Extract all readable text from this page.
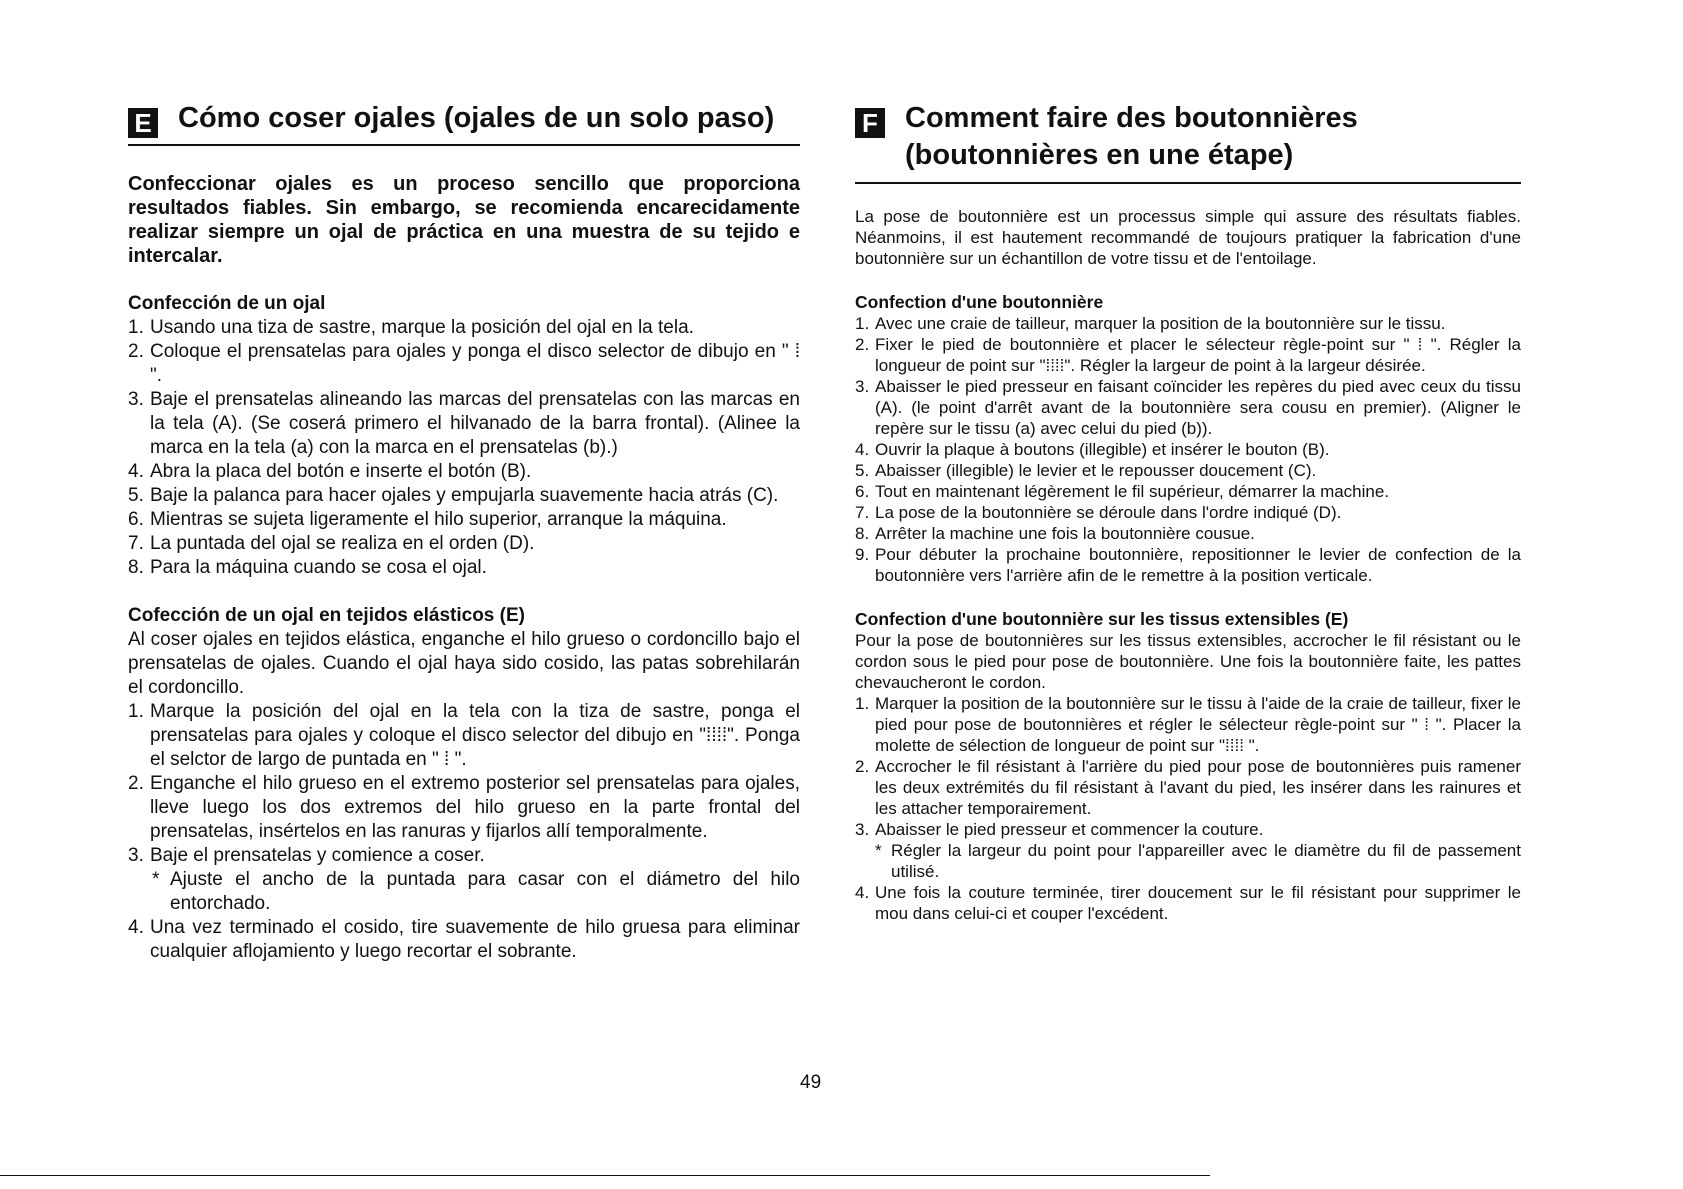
E Cómo coser ojales (ojales de un solo paso)
Confeccionar ojales es un proceso sencillo que proporciona resultados fiables. Sin embargo, se recomienda encarecidamente realizar siempre un ojal de práctica en una muestra de su tejido e intercalar.
Confección de un ojal
1. Usando una tiza de sastre, marque la posición del ojal en la tela.
2. Coloque el prensatelas para ojales y ponga el disco selector de dibujo en " ⁞ ".
3. Baje el prensatelas alineando las marcas del prensatelas con las marcas en la tela (A). (Se coserá primero el hilvanado de la barra frontal). (Alinee la marca en la tela (a) con la marca en el prensatelas (b).)
4. Abra la placa del botón e inserte el botón (B).
5. Baje la palanca para hacer ojales y empujarla suavemente hacia atrás (C).
6. Mientras se sujeta ligeramente el hilo superior, arranque la máquina.
7. La puntada del ojal se realiza en el orden (D).
8. Para la máquina cuando se cosa el ojal.
Cofección de un ojal en tejidos elásticos (E)
Al coser ojales en tejidos elástica, enganche el hilo grueso o cordoncillo bajo el prensatelas de ojales. Cuando el ojal haya sido cosido, las patas sobrehilarán el cordoncillo.
1. Marque la posición del ojal en la tela con la tiza de sastre, ponga el prensatelas para ojales y coloque el disco selector del dibujo en "⁞⁞⁞⁞". Ponga el selctor de largo de puntada en " ⁞ ".
2. Enganche el hilo grueso en el extremo posterior sel prensatelas para ojales, lleve luego los dos extremos del hilo grueso en la parte frontal del prensatelas, insértelos en las ranuras y fijarlos allí temporalmente.
3. Baje el prensatelas y comience a coser.
* Ajuste el ancho de la puntada para casar con el diámetro del hilo entorchado.
4. Una vez terminado el cosido, tire suavemente de hilo gruesa para eliminar cualquier aflojamiento y luego recortar el sobrante.
F Comment faire des boutonnières
(boutonnières en une étape)
La pose de boutonnière est un processus simple qui assure des résultats fiables. Néanmoins, il est hautement recommandé de toujours pratiquer la fabrication d'une boutonnière sur un échantillon de votre tissu et de l'entoilage.
Confection d'une boutonnière
1. Avec une craie de tailleur, marquer la position de la boutonnière sur le tissu.
2. Fixer le pied de boutonnière et placer le sélecteur règle-point sur " ⁞ ". Régler la longueur de point sur "⁞⁞⁞⁞". Régler la largeur de point à la largeur désirée.
3. Abaisser le pied presseur en faisant coïncider les repères du pied avec ceux du tissu (A). (le point d'arrêt avant de la boutonnière sera cousu en premier). (Aligner le repère sur le tissu (a) avec celui du pied (b)).
4. Ouvrir la plaque à boutons (illegible) et insérer le bouton (B).
5. Abaisser (illegible) le levier et le repousser doucement (C).
6. Tout en maintenant légèrement le fil supérieur, démarrer la machine.
7. La pose de la boutonnière se déroule dans l'ordre indiqué (D).
8. Arrêter la machine une fois la boutonnière cousue.
9. Pour débuter la prochaine boutonnière, repositionner le levier de confection de la boutonnière vers l'arrière afin de le remettre à la position verticale.
Confection d'une boutonnière sur les tissus extensibles (E)
Pour la pose de boutonnières sur les tissus extensibles, accrocher le fil résistant ou le cordon sous le pied pour pose de boutonnière. Une fois la boutonnière faite, les pattes chevaucheront le cordon.
1. Marquer la position de la boutonnière sur le tissu à l'aide de la craie de tailleur, fixer le pied pour pose de boutonnières et régler le sélecteur règle-point sur " ⁞ ". Placer la molette de sélection de longueur de point sur "⁞⁞⁞⁞ ".
2. Accrocher le fil résistant à l'arrière du pied pour pose de boutonnières puis ramener les deux extrémités du fil résistant à l'avant du pied, les insérer dans les rainures et les attacher temporairement.
3. Abaisser le pied presseur et commencer la couture.
* Régler la largeur du point pour l'appareiller avec le diamètre du fil de passement utilisé.
4. Une fois la couture terminée, tirer doucement sur le fil résistant pour supprimer le mou dans celui-ci et couper l'excédent.
49
